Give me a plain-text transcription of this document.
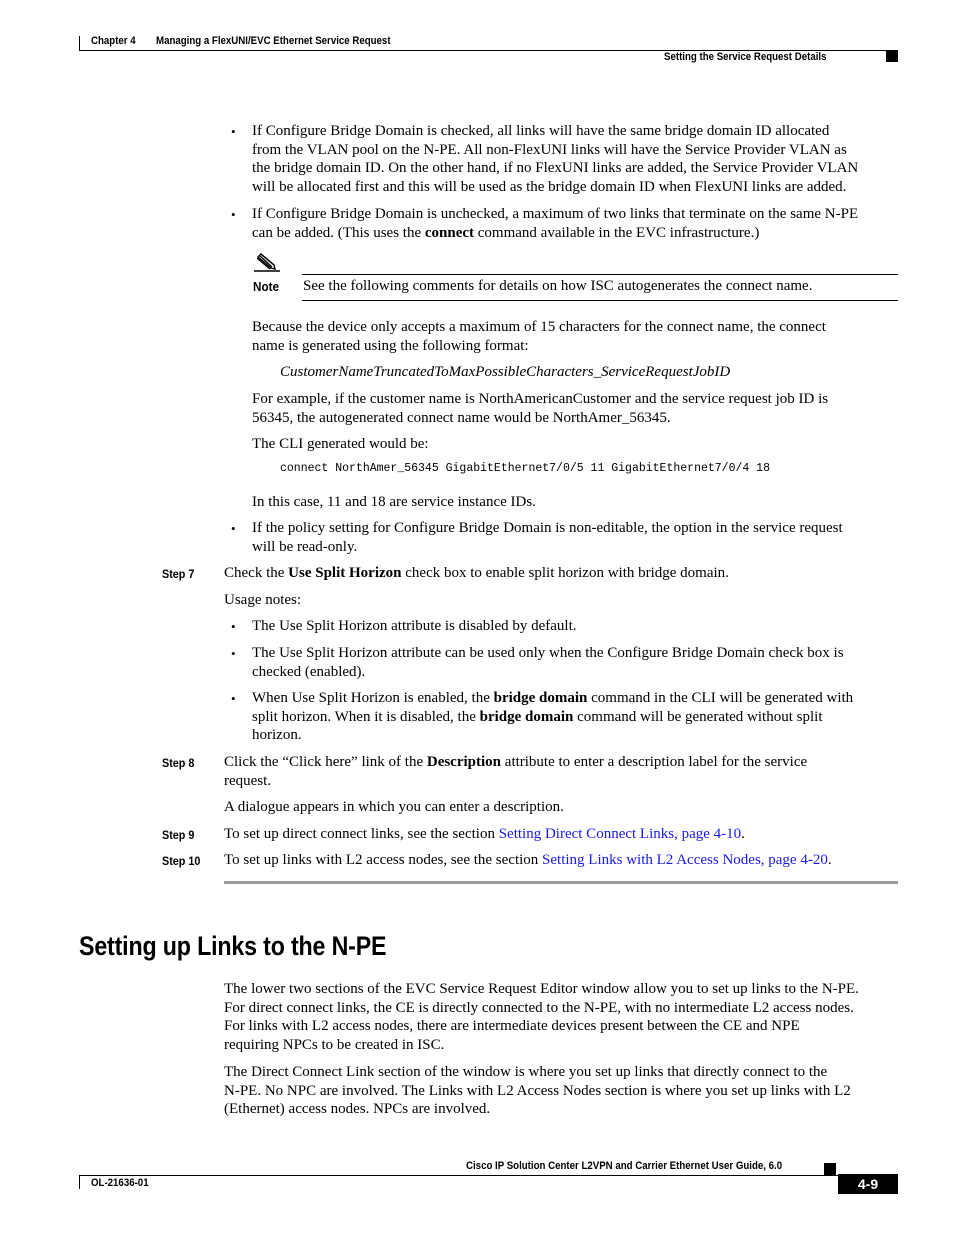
Chapter 4 Managing a FlexUNI/EVC Ethernet Service Request
Setting the Service Request Details
• If Configure Bridge Domain is checked, all links will have the same bridge domain ID allocated
from the VLAN pool on the N-PE. All non-FlexUNI links will have the Service Provider VLAN as
the bridge domain ID. On the other hand, if no FlexUNI links are added, the Service Provider VLAN
will be allocated first and this will be used as the bridge domain ID when FlexUNI links are added.
• If Configure Bridge Domain is unchecked, a maximum of two links that terminate on the same N-PE
can be added. (This uses the connect command available in the EVC infrastructure.)
Note See the following comments for details on how ISC autogenerates the connect name.
Because the device only accepts a maximum of 15 characters for the connect name, the connect
name is generated using the following format:
CustomerNameTruncatedToMaxPossibleCharacters_ServiceRequestJobID
For example, if the customer name is NorthAmericanCustomer and the service request job ID is
56345, the autogenerated connect name would be NorthAmer_56345.
The CLI generated would be:
connect NorthAmer_56345 GigabitEthernet7/0/5 11 GigabitEthernet7/0/4 18
In this case, 11 and 18 are service instance IDs.
• If the policy setting for Configure Bridge Domain is non-editable, the option in the service request
will be read-only.
Step 7 Check the Use Split Horizon check box to enable split horizon with bridge domain.
Usage notes:
• The Use Split Horizon attribute is disabled by default.
• The Use Split Horizon attribute can be used only when the Configure Bridge Domain check box is
checked (enabled).
• When Use Split Horizon is enabled, the bridge domain command in the CLI will be generated with
split horizon. When it is disabled, the bridge domain command will be generated without split
horizon.
Step 8 Click the “Click here” link of the Description attribute to enter a description label for the service
request.
A dialogue appears in which you can enter a description.
Step 9 To set up direct connect links, see the section Setting Direct Connect Links, page 4-10.
Step 10 To set up links with L2 access nodes, see the section Setting Links with L2 Access Nodes, page 4-20.
Setting up Links to the N-PE
The lower two sections of the EVC Service Request Editor window allow you to set up links to the N-PE.
For direct connect links, the CE is directly connected to the N-PE, with no intermediate L2 access nodes.
For links with L2 access nodes, there are intermediate devices present between the CE and NPE
requiring NPCs to be created in ISC.
The Direct Connect Link section of the window is where you set up links that directly connect to the
N-PE. No NPC are involved. The Links with L2 Access Nodes section is where you set up links with L2
(Ethernet) access nodes. NPCs are involved.
Cisco IP Solution Center L2VPN and Carrier Ethernet User Guide, 6.0
OL-21636-01	4-9
